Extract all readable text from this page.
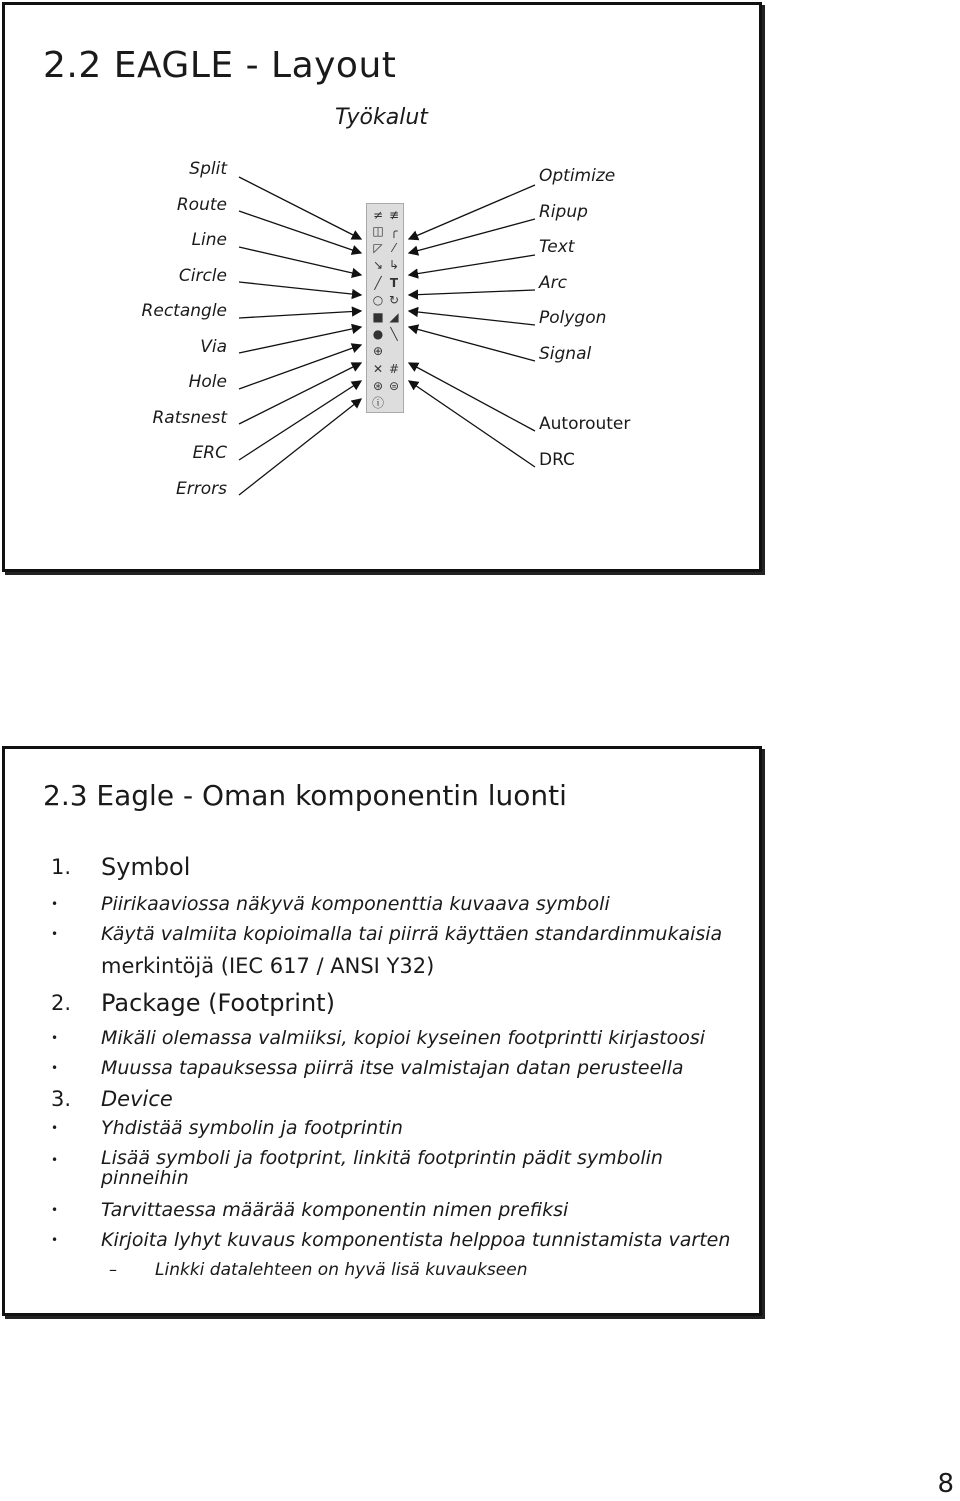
2.2 EAGLE - Layout
Työkalut
Split
Route
Line
Circle
Rectangle
Via
Hole
Ratsnest
ERC
Errors
Optimize
Ripup
Text
Arc
Polygon
Signal
Autorouter
DRC
≠ ≢
◫ ╭
◸ ⁄
↘ ↳
╱ T
○ ↻
■ ◢
● ╲
⊕
✕ #
⊛ ⊜
ⓘ
2.3 Eagle - Oman komponentin luonti
1. Symbol
• Piirikaaviossa näkyvä komponenttia kuvaava symboli
• Käytä valmiita kopioimalla tai piirrä käyttäen standardinmukaisia
merkintöjä (IEC 617 / ANSI Y32)
2. Package (Footprint)
• Mikäli olemassa valmiiksi, kopioi kyseinen footprintti kirjastoosi
• Muussa tapauksessa piirrä itse valmistajan datan perusteella
3. Device
• Yhdistää symbolin ja footprintin
• Lisää symboli ja footprint, linkitä footprintin pädit symbolin
pinneihin
• Tarvittaessa määrää komponentin nimen prefiksi
• Kirjoita lyhyt kuvaus komponentista helppoa tunnistamista varten
– Linkki datalehteen on hyvä lisä kuvaukseen
8
